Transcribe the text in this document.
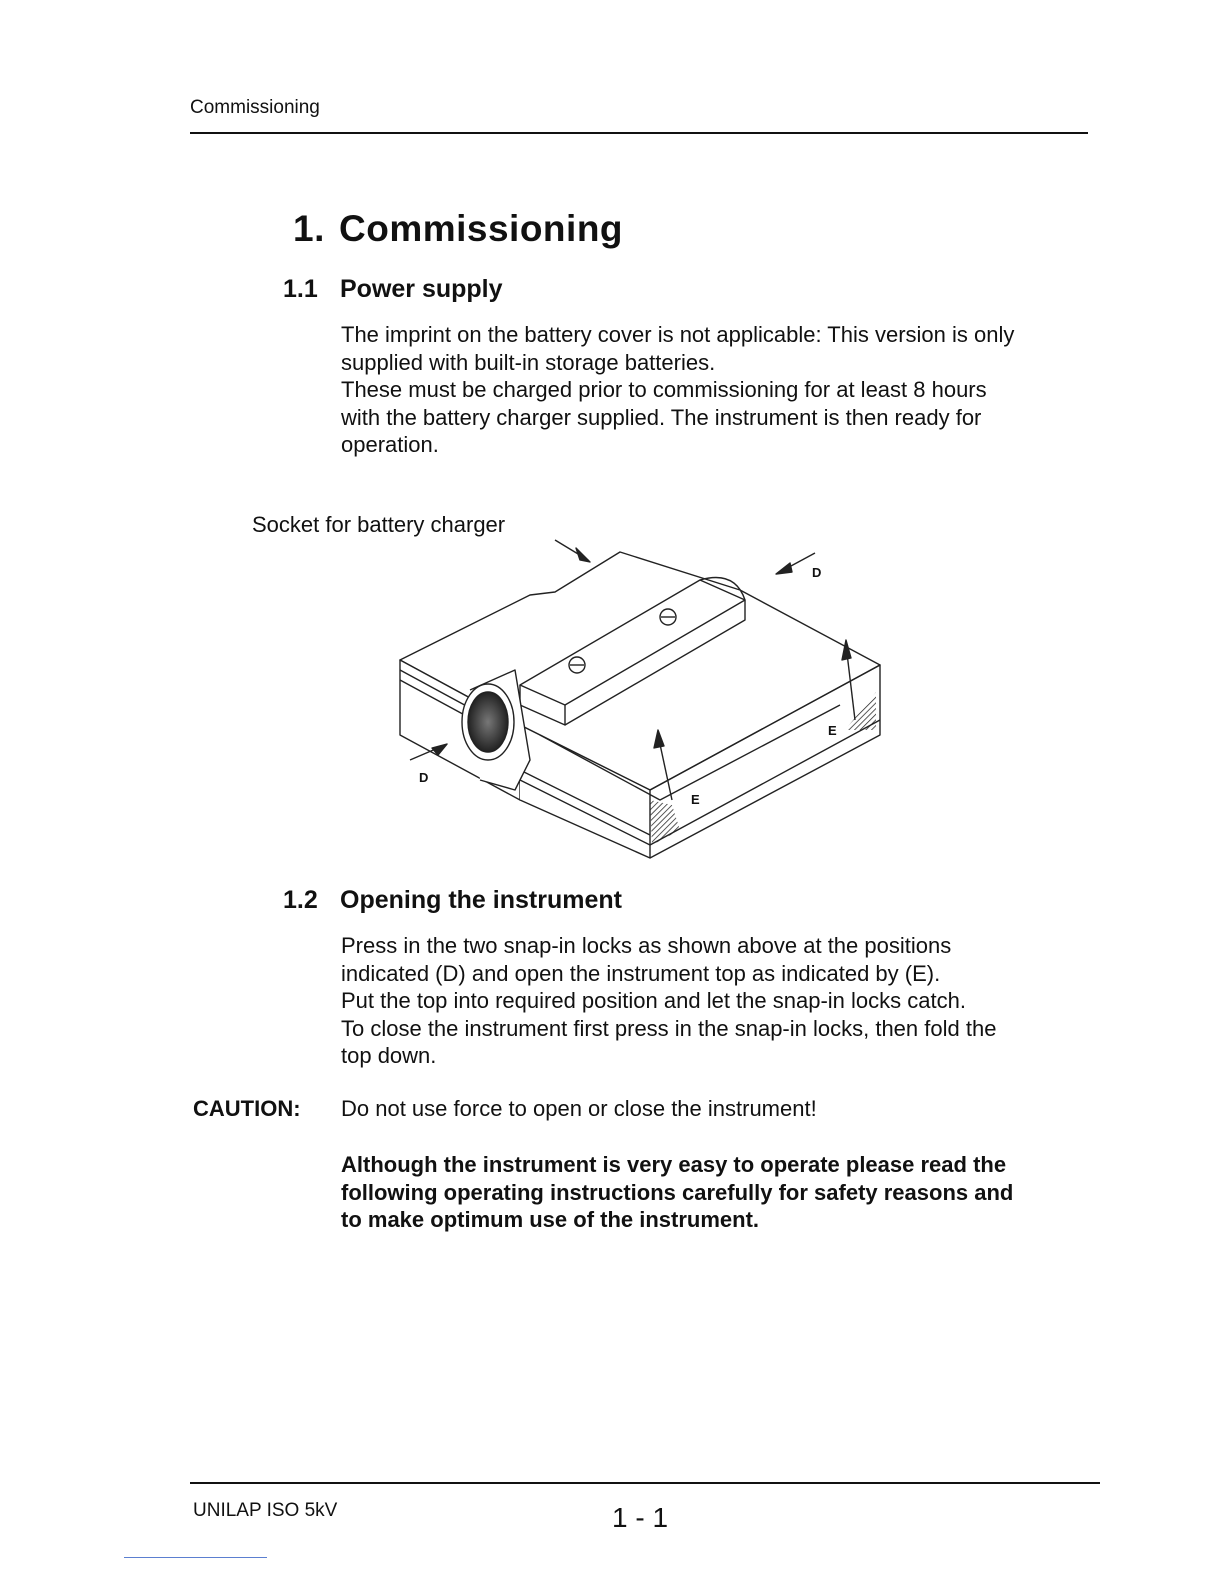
Commissioning
1. Commissioning
1.1 Power supply

The imprint on the battery cover is not applicable: This version is only

supplied with built-in storage batteries.

These must be charged prior to commissioning for at least 8 hours

with the battery charger supplied. The instrument is then ready for

operation.

Socket for battery charger
D
D
E
E
1.2 Opening the instrument

Press in the two snap-in locks as shown above at the positions

indicated (D) and open the instrument top as indicated by (E).

Put the top into required position and let the snap-in locks catch.

To close the instrument first press in the snap-in locks, then fold the

top down.

CAUTION: Do not use force to open or close the instrument!
Although the instrument is very easy to operate please read the
following operating instructions carefully for safety reasons and
to make optimum use of the instrument.
UNILAP ISO 5kV	1 - 1
